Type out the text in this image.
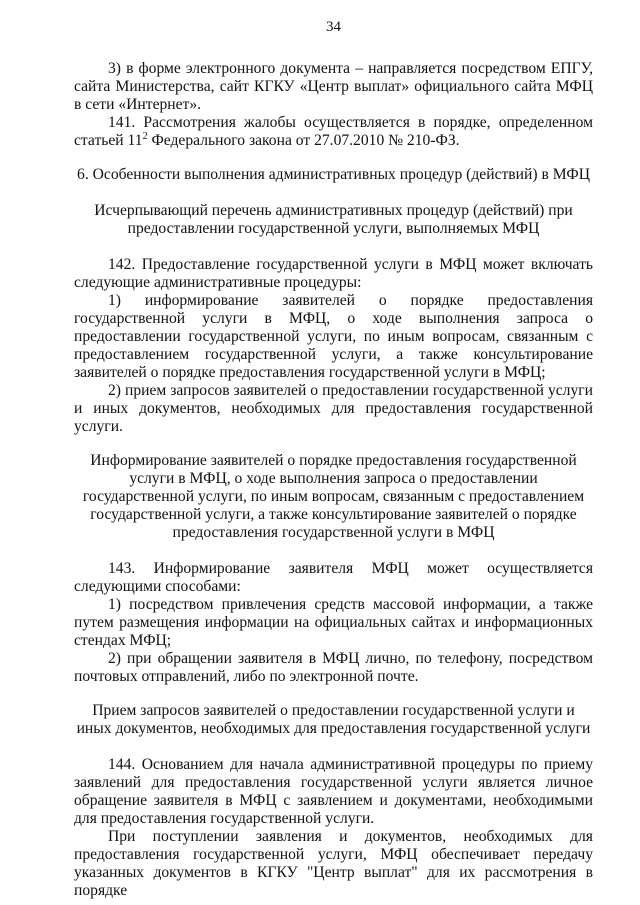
34

3) в форме электронного документа – направляется посредством ЕПГУ, сайта Министерства, сайт КГКУ «Центр выплат» официального сайта МФЦ в сети «Интернет».

141. Рассмотрения жалобы осуществляется в порядке, определенном статьей $11^2$ Федерального закона от 27.07.2010 № 210-ФЗ.

6. Особенности выполнения административных процедур (действий) в МФЦ

Исчерпывающий перечень административных процедур (действий) при предоставлении государственной услуги, выполняемых МФЦ

142. Предоставление государственной услуги в МФЦ может включать следующие административные процедуры:

1) информирование заявителей о порядке предоставления государственной услуги в МФЦ, о ходе выполнения запроса о предоставлении государственной услуги, по иным вопросам, связанным с предоставлением государственной услуги, а также консультирование заявителей о порядке предоставления государственной услуги в МФЦ;

2) прием запросов заявителей о предоставлении государственной услуги и иных документов, необходимых для предоставления государственной услуги.

Информирование заявителей о порядке предоставления государственной услуги в МФЦ, о ходе выполнения запроса о предоставлении государственной услуги, по иным вопросам, связанным с предоставлением государственной услуги, а также консультирование заявителей о порядке предоставления государственной услуги в МФЦ

143. Информирование заявителя МФЦ может осуществляется следующими способами:

1) посредством привлечения средств массовой информации, а также путем размещения информации на официальных сайтах и информационных стендах МФЦ;

2) при обращении заявителя в МФЦ лично, по телефону, посредством почтовых отправлений, либо по электронной почте.

Прием запросов заявителей о предоставлении государственной услуги и иных документов, необходимых для предоставления государственной услуги

144. Основанием для начала административной процедуры по приему заявлений для предоставления государственной услуги является личное обращение заявителя в МФЦ с заявлением и документами, необходимыми для предоставления государственной услуги.

При поступлении заявления и документов, необходимых для предоставления государственной услуги, МФЦ обеспечивает передачу указанных документов в КГКУ "Центр выплат" для их рассмотрения в порядке
